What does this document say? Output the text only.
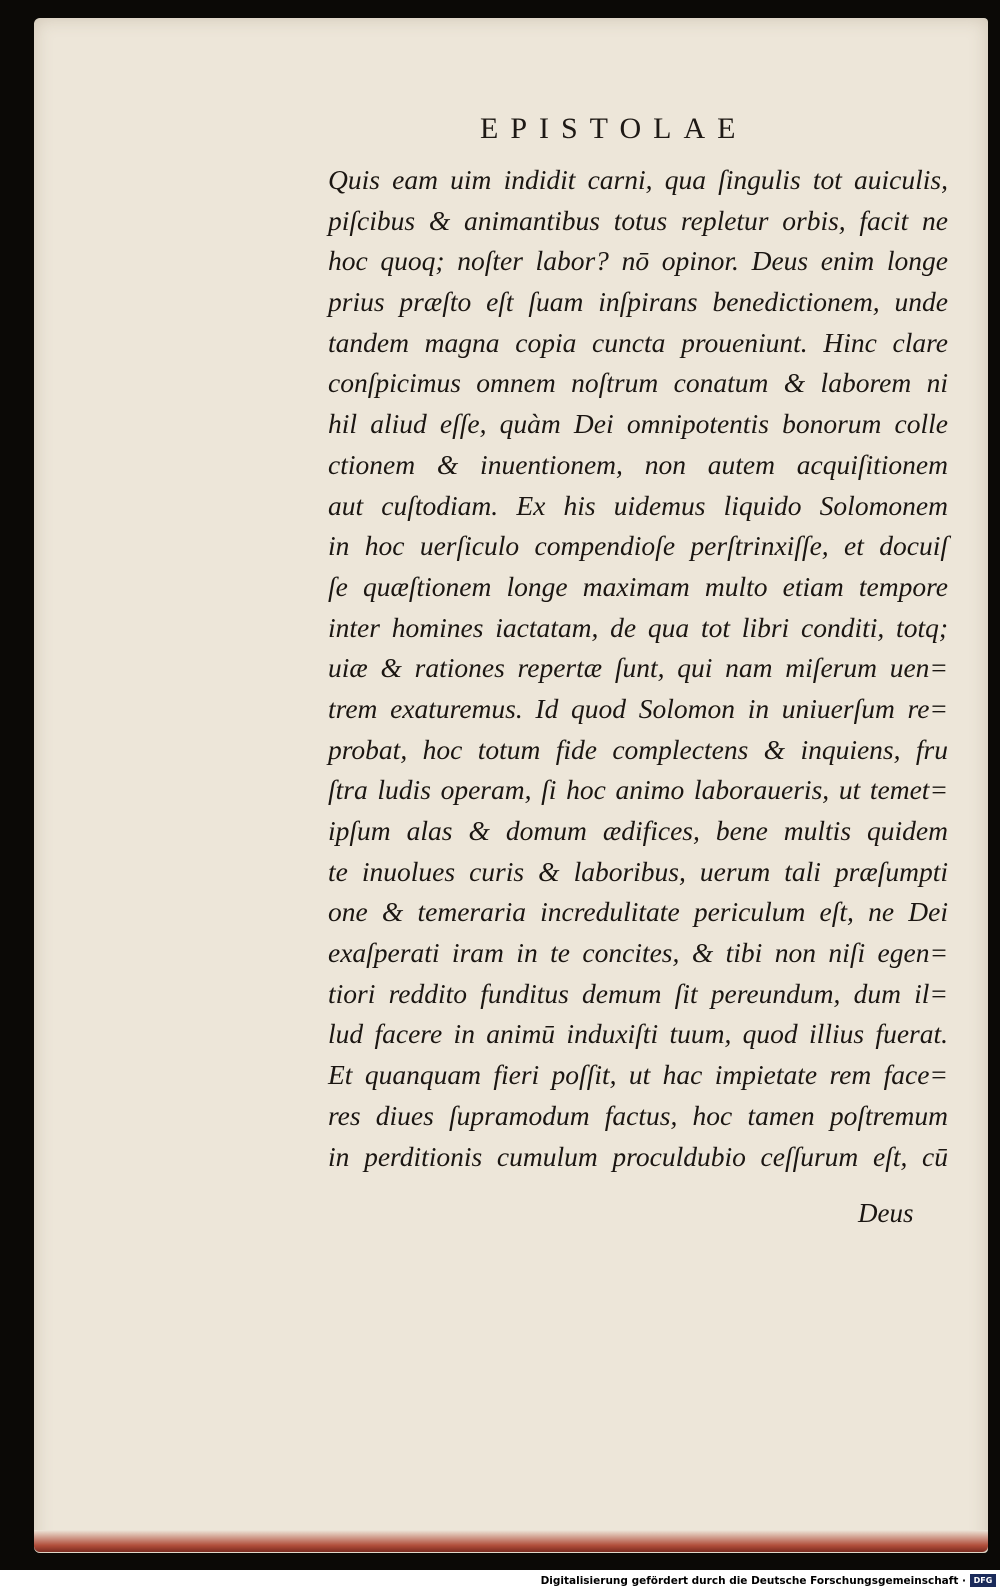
EPISTOLAE
Quis eam uim indidit carni, qua ſingulis tot auiculis,
piſcibus & animantibus totus repletur orbis, facit ne
hoc quoq; noſter labor? nō opinor. Deus enim longe
prius præſto eſt ſuam inſpirans benedictionem, unde
tandem magna copia cuncta proueniunt. Hinc clare
conſpicimus omnem noſtrum conatum & laborem ni
hil aliud eſſe, quàm Dei omnipotentis bonorum colle
ctionem & inuentionem, non autem acquiſitionem
aut cuſtodiam. Ex his uidemus liquido Solomonem
in hoc uerſiculo compendioſe perſtrinxiſſe, et docuiſ
ſe quæſtionem longe maximam multo etiam tempore
inter homines iactatam, de qua tot libri conditi, totq;
uiæ & rationes repertæ ſunt, qui nam miſerum uen=
trem exaturemus. Id quod Solomon in uniuerſum re=
probat, hoc totum fide complectens & inquiens, fru
ſtra ludis operam, ſi hoc animo laboraueris, ut temet=
ipſum alas & domum ædifices, bene multis quidem
te inuolues curis & laboribus, uerum tali præſumpti
one & temeraria incredulitate periculum eſt, ne Dei
exaſperati iram in te concites, & tibi non niſi egen=
tiori reddito funditus demum ſit pereundum, dum il=
lud facere in animū induxiſti tuum, quod illius fuerat.
Et quanquam fieri poſſit, ut hac impietate rem face=
res diues ſupramodum factus, hoc tamen poſtremum
in perditionis cumulum proculdubio ceſſurum eſt, cū
Deus
Digitalisierung gefördert durch die Deutsche Forschungsgemeinschaft · DFG
